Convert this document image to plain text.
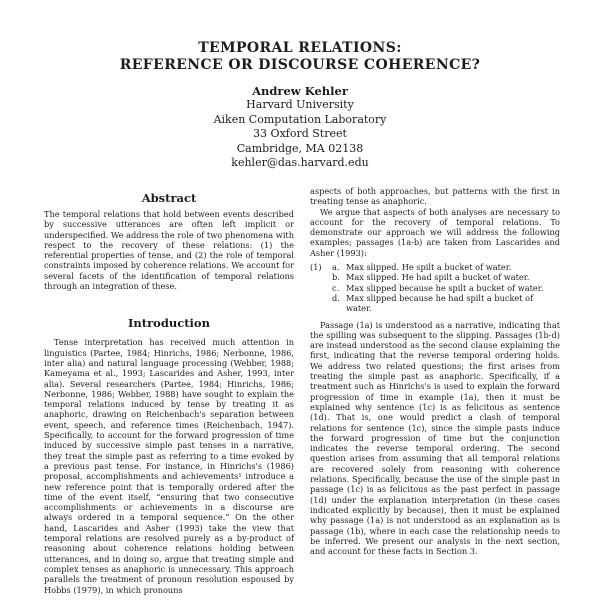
TEMPORAL RELATIONS:
REFERENCE OR DISCOURSE COHERENCE?
Andrew Kehler
Harvard University
Aiken Computation Laboratory
33 Oxford Street
Cambridge, MA 02138
kehler@das.harvard.edu
Abstract

The temporal relations that hold between events described by successive utterances are often left implicit or underspecified. We address the role of two phenomena with respect to the recovery of these relations: (1) the referential properties of tense, and (2) the role of temporal constraints imposed by coherence relations. We account for several facets of the identification of temporal relations through an integration of these.

Introduction

Tense interpretation has received much attention in linguistics (Partee, 1984; Hinrichs, 1986; Nerbonne, 1986, inter alia) and natural language processing (Webber, 1988; Kameyama et al., 1993; Lascarides and Asher, 1993, inter alia). Several researchers (Partee, 1984; Hinrichs, 1986; Nerbonne, 1986; Webber, 1988) have sought to explain the temporal relations induced by tense by treating it as anaphoric, drawing on Reichenbach's separation between event, speech, and reference times (Reichenbach, 1947). Specifically, to account for the forward progression of time induced by successive simple past tenses in a narrative, they treat the simple past as referring to a time evoked by a previous past tense. For instance, in Hinrichs's (1986) proposal, accomplishments and achievements¹ introduce a new reference point that is temporally ordered after the time of the event itself, “ensuring that two consecutive accomplishments or achievements in a discourse are always ordered in a temporal sequence.” On the other hand, Lascarides and Asher (1993) take the view that temporal relations are resolved purely as a by-product of reasoning about coherence relations holding between utterances, and in doing so, argue that treating simple and complex tenses as anaphoric is unnecessary. This approach parallels the treatment of pronoun resolution espoused by Hobbs (1979), in which pronouns

aspects of both approaches, but patterns with the first in treating tense as anaphoric.

We argue that aspects of both analyses are necessary to account for the recovery of temporal relations. To demonstrate our approach we will address the following examples; passages (1a-b) are taken from Lascarides and Asher (1993):

(1)	a. Max slipped. He spilt a bucket of water.
b. Max slipped. He had spilt a bucket of water.
c. Max slipped because he spilt a bucket of water.
d. Max slipped because he had spilt a bucket of water.

Passage (1a) is understood as a narrative, indicating that the spilling was subsequent to the slipping. Passages (1b-d) are instead understood as the second clause explaining the first, indicating that the reverse temporal ordering holds. We address two related questions; the first arises from treating the simple past as anaphoric. Specifically, if a treatment such as Hinrichs's is used to explain the forward progression of time in example (1a), then it must be explained why sentence (1c) is as felicitous as sentence (1d). That is, one would predict a clash of temporal relations for sentence (1c), since the simple pasts induce the forward progression of time but the conjunction indicates the reverse temporal ordering. The second question arises from assuming that all temporal relations are recovered solely from reasoning with coherence relations. Specifically, because the use of the simple past in passage (1c) is as felicitous as the past perfect in passage (1d) under the explanation interpretation (in these cases indicated explicitly by because), then it must be explained why passage (1a) is not understood as an explanation as is passage (1b), where in each case the relationship needs to be inferred. We present our analysis in the next section, and account for these facts in Section 3.
